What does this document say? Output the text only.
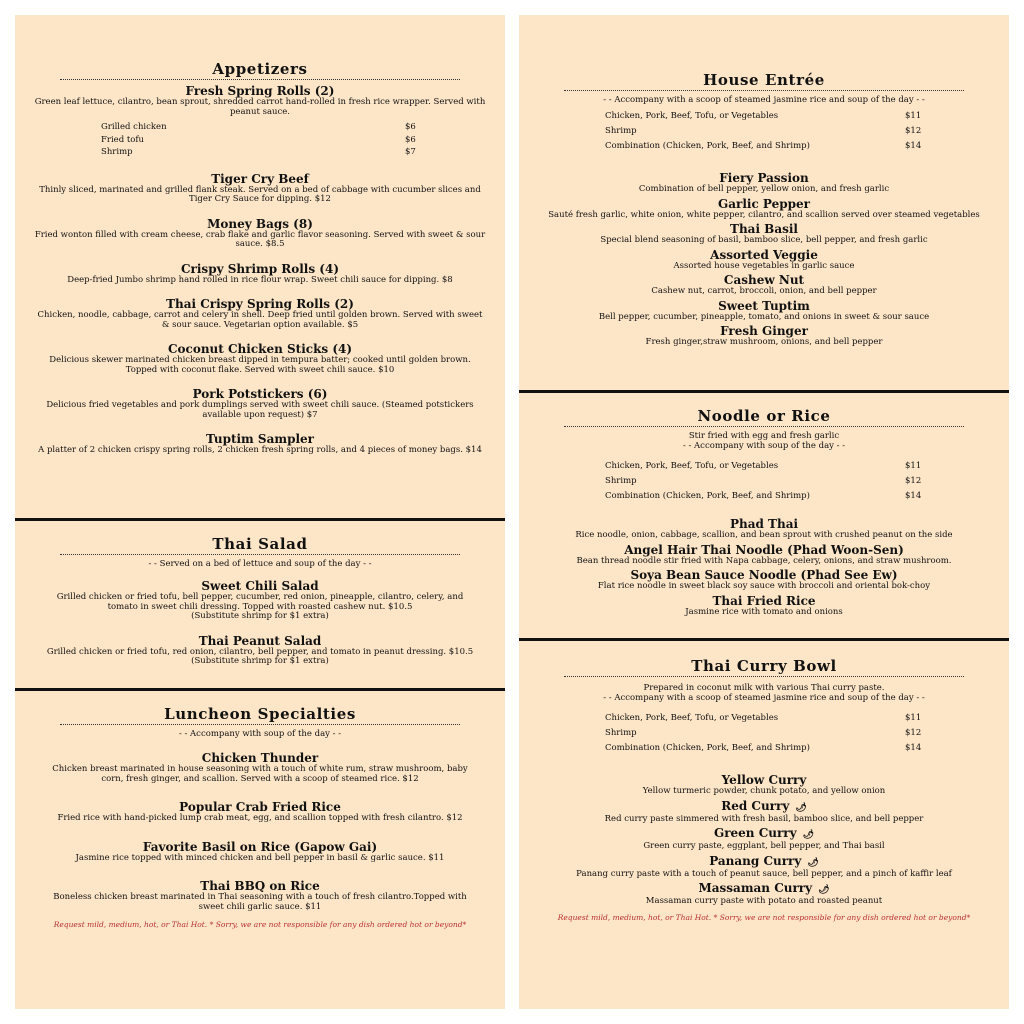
Appetizers
Fresh Spring Rolls (2)
Green leaf lettuce, cilantro, bean sprout, shredded carrot hand-rolled in fresh rice wrapper. Served with peanut sauce.
Grilled chicken	$6
Fried tofu	$6
Shrimp	$7
Tiger Cry Beef
Thinly sliced, marinated and grilled flank steak. Served on a bed of cabbage with cucumber slices and Tiger Cry Sauce for dipping. $12
Money Bags (8)
Fried wonton filled with cream cheese, crab flake and garlic flavor seasoning. Served with sweet & sour sauce. $8.5
Crispy Shrimp Rolls (4)
Deep-fried Jumbo shrimp hand rolled in rice flour wrap. Sweet chili sauce for dipping. $8
Thai Crispy Spring Rolls (2)
Chicken, noodle, cabbage, carrot and celery in shell. Deep fried until golden brown. Served with sweet & sour sauce. Vegetarian option available. $5
Coconut Chicken Sticks (4)
Delicious skewer marinated chicken breast dipped in tempura batter; cooked until golden brown. Topped with coconut flake. Served with sweet chili sauce. $10
Pork Potstickers (6)
Delicious fried vegetables and pork dumplings served with sweet chili sauce. (Steamed potstickers available upon request) $7
Tuptim Sampler
A platter of 2 chicken crispy spring rolls, 2 chicken fresh spring rolls, and 4 pieces of money bags. $14
Thai Salad
- - Served on a bed of lettuce and soup of the day - -
Sweet Chili Salad
Grilled chicken or fried tofu, bell pepper, cucumber, red onion, pineapple, cilantro, celery, and tomato in sweet chili dressing. Topped with roasted cashew nut. $10.5
(Substitute shrimp for $1 extra)
Thai Peanut Salad
Grilled chicken or fried tofu, red onion, cilantro, bell pepper, and tomato in peanut dressing. $10.5
(Substitute shrimp for $1 extra)
Luncheon Specialties
- - Accompany with soup of the day - -
Chicken Thunder
Chicken breast marinated in house seasoning with a touch of white rum, straw mushroom, baby corn, fresh ginger, and scallion. Served with a scoop of steamed rice. $12
Popular Crab Fried Rice
Fried rice with hand-picked lump crab meat, egg, and scallion topped with fresh cilantro. $12
Favorite Basil on Rice (Gapow Gai)
Jasmine rice topped with minced chicken and bell pepper in basil & garlic sauce. $11
Thai BBQ on Rice
Boneless chicken breast marinated in Thai seasoning with a touch of fresh cilantro.Topped with sweet chili garlic sauce. $11
Request mild, medium, hot, or Thai Hot. * Sorry, we are not responsible for any dish ordered hot or beyond*
House Entrée
- - Accompany with a scoop of steamed jasmine rice and soup of the day - -
Chicken, Pork, Beef, Tofu, or Vegetables	$11
Shrimp	$12
Combination (Chicken, Pork, Beef, and Shrimp)	$14
Fiery Passion
Combination of bell pepper, yellow onion, and fresh garlic
Garlic Pepper
Sauté fresh garlic, white onion, white pepper, cilantro, and scallion served over steamed vegetables
Thai Basil
Special blend seasoning of basil, bamboo slice, bell pepper, and fresh garlic
Assorted Veggie
Assorted house vegetables in garlic sauce
Cashew Nut
Cashew nut, carrot, broccoli, onion, and bell pepper
Sweet Tuptim
Bell pepper, cucumber, pineapple, tomato, and onions in sweet & sour sauce
Fresh Ginger
Fresh ginger,straw mushroom, onions, and bell pepper
Noodle or Rice
Stir fried with egg and fresh garlic
- - Accompany with soup of the day - -
Chicken, Pork, Beef, Tofu, or Vegetables	$11
Shrimp	$12
Combination (Chicken, Pork, Beef, and Shrimp)	$14
Phad Thai
Rice noodle, onion, cabbage, scallion, and bean sprout with crushed peanut on the side
Angel Hair Thai Noodle (Phad Woon-Sen)
Bean thread noodle stir fried with Napa cabbage, celery, onions, and straw mushroom.
Soya Bean Sauce Noodle (Phad See Ew)
Flat rice noodle in sweet black soy sauce with broccoli and oriental bok-choy
Thai Fried Rice
Jasmine rice with tomato and onions
Thai Curry Bowl
Prepared in coconut milk with various Thai curry paste.
- - Accompany with a scoop of steamed jasmine rice and soup of the day - -
Chicken, Pork, Beef, Tofu, or Vegetables	$11
Shrimp	$12
Combination (Chicken, Pork, Beef, and Shrimp)	$14
Yellow Curry
Yellow turmeric powder, chunk potato, and yellow onion
Red Curry 🌶
Red curry paste simmered with fresh basil, bamboo slice, and bell pepper
Green Curry 🌶
Green curry paste, eggplant, bell pepper, and Thai basil
Panang Curry 🌶
Panang curry paste with a touch of peanut sauce, bell pepper, and a pinch of kaffir leaf
Massaman Curry 🌶
Massaman curry paste with potato and roasted peanut
Request mild, medium, hot, or Thai Hot. * Sorry, we are not responsible for any dish ordered hot or beyond*
